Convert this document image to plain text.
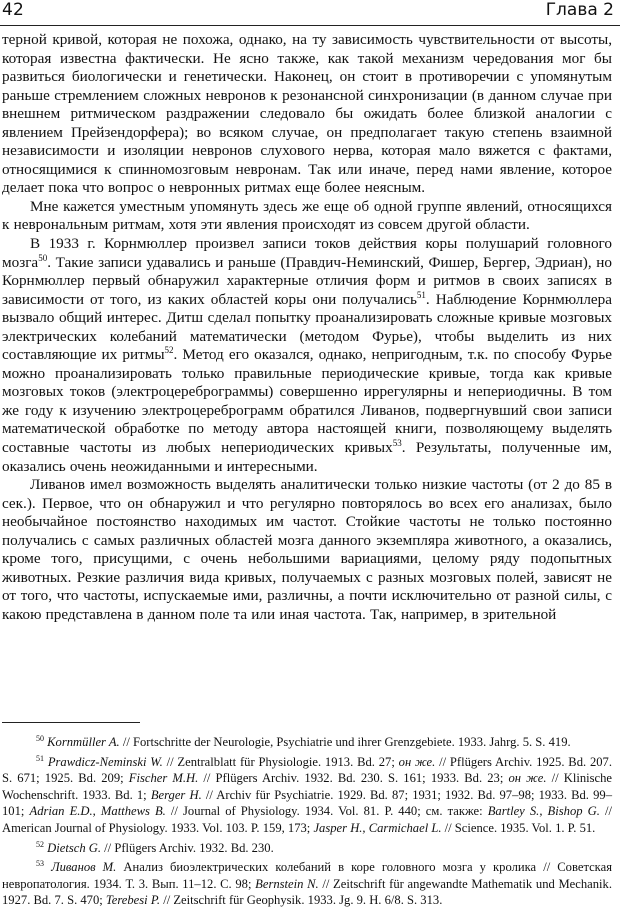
42	Глава 2

терной кривой, которая не похожа, однако, на ту зависимость чувствительности от высоты, которая известна фактически. Не ясно также, как такой механизм чередования мог бы развиться биологически и генетически. Наконец, он стоит в противоречии с упомянутым раньше стремлением сложных невронов к резонансной синхронизации (в данном случае при внешнем ритмическом раздражении следовало бы ожидать более близкой аналогии с явлением Прейзендорфера); во всяком случае, он предполагает такую степень взаимной независимости и изоляции невронов слухового нерва, которая мало вяжется с фактами, относящимися к спинномозговым невронам. Так или иначе, перед нами явление, которое делает пока что вопрос о невронных ритмах еще более неясным.

Мне кажется уместным упомянуть здесь же еще об одной группе явлений, относящихся к неврональным ритмам, хотя эти явления происходят из совсем другой области.

В 1933 г. Корнмюллер произвел записи токов действия коры полушарий головного мозга$^{50}$. Такие записи удавались и раньше (Правдич-Неминский, Фишер, Бергер, Эдриан), но Корнмюллер первый обнаружил характерные отличия форм и ритмов в своих записях в зависимости от того, из каких областей коры они получались$^{51}$. Наблюдение Корнмюллера вызвало общий интерес. Дитш сделал попытку проанализировать сложные кривые мозговых электрических колебаний математически (методом Фурье), чтобы выделить из них составляющие их ритмы$^{52}$. Метод его оказался, однако, непригодным, т.к. по способу Фурье можно проанализировать только правильные периодические кривые, тогда как кривые мозговых токов (электроцереброграммы) совершенно иррегулярны и непериодичны. В том же году к изучению электроцереброграмм обратился Ливанов, подвергнувший свои записи математической обработке по методу автора настоящей книги, позволяющему выделять составные частоты из любых непериодических кривых$^{53}$. Результаты, полученные им, оказались очень неожиданными и интересными.

Ливанов имел возможность выделять аналитически только низкие частоты (от 2 до 85 в сек.). Первое, что он обнаружил и что регулярно повторялось во всех его анализах, было необычайное постоянство находимых им частот. Стойкие частоты не только постоянно получались с самых различных областей мозга данного экземпляра животного, а оказались, кроме того, присущими, с очень небольшими вариациями, целому ряду подопытных животных. Резкие различия вида кривых, получаемых с разных мозговых полей, зависят не от того, что частоты, испускаемые ими, различны, а почти исключительно от разной силы, с какою представлена в данном поле та или иная частота. Так, например, в зрительной

$^{50}$ Kornmüller A. // Fortschritte der Neurologie, Psychiatrie und ihrer Grenzgebiete. 1933. Jahrg. 5. S. 419.

$^{51}$ Prawdicz-Neminski W. // Zentralblatt für Physiologie. 1913. Bd. 27; он же. // Pflügers Archiv. 1925. Bd. 207. S. 671; 1925. Bd. 209; Fischer M.H. // Pflügers Archiv. 1932. Bd. 230. S. 161; 1933. Bd. 23; он же. // Klinische Wochenschrift. 1933. Bd. 1; Berger H. // Archiv für Psychiatrie. 1929. Bd. 87; 1931; 1932. Bd. 97–98; 1933. Bd. 99–101; Adrian E.D., Matthews B. // Journal of Physiology. 1934. Vol. 81. P. 440; см. также: Bartley S., Bishop G. // American Journal of Physiology. 1933. Vol. 103. P. 159, 173; Jasper H., Carmichael L. // Science. 1935. Vol. 1. P. 51.

$^{52}$ Dietsch G. // Pflügers Archiv. 1932. Bd. 230.

$^{53}$ Ливанов М. Анализ биоэлектрических колебаний в коре головного мозга у кролика // Советская невропатология. 1934. Т. 3. Вып. 11–12. С. 98; Bernstein N. // Zeitschrift für angewandte Mathematik und Mechanik. 1927. Bd. 7. S. 470; Terebesi P. // Zeitschrift für Geophysik. 1933. Jg. 9. H. 6/8. S. 313.
